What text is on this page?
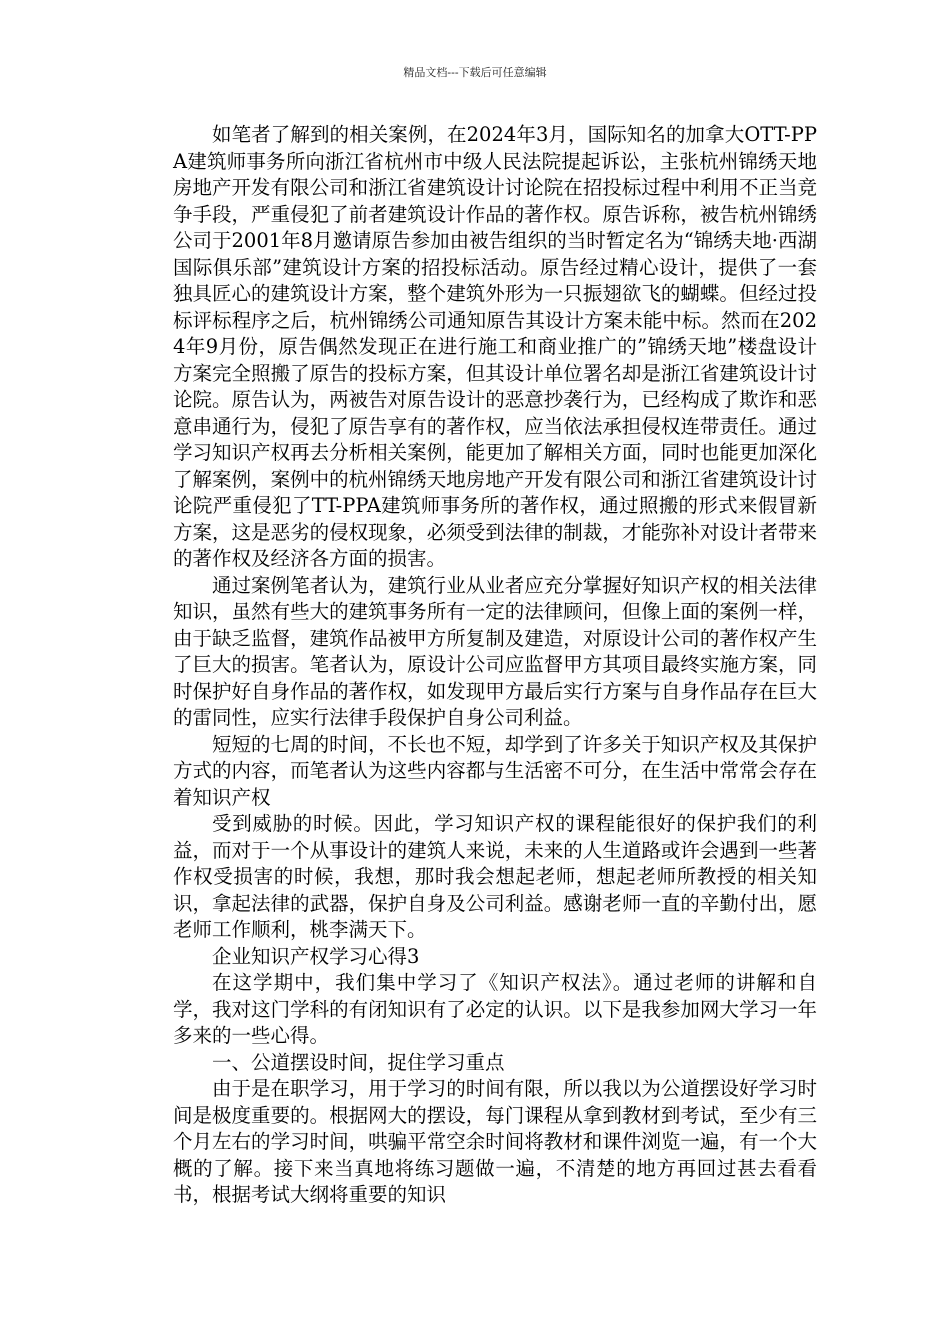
精品文档---下载后可任意编辑

如笔者了解到的相关案例，在2024年3月，国际知名的加拿大OTT-PPA建筑师事务所向浙江省杭州市中级人民法院提起诉讼，主张杭州锦绣天地房地产开发有限公司和浙江省建筑设计讨论院在招投标过程中利用不正当竞争手段，严重侵犯了前者建筑设计作品的著作权。原告诉称，被告杭州锦绣公司于2001年8月邀请原告参加由被告组织的当时暂定名为“锦绣夫地·西湖国际俱乐部”建筑设计方案的招投标活动。原告经过精心设计，提供了一套独具匠心的建筑设计方案，整个建筑外形为一只振翅欲飞的蝴蝶。但经过投标评标程序之后，杭州锦绣公司通知原告其设计方案未能中标。然而在2024年9月份，原告偶然发现正在进行施工和商业推广的”锦绣天地”楼盘设计方案完全照搬了原告的投标方案，但其设计单位署名却是浙江省建筑设计讨论院。原告认为，两被告对原告设计的恶意抄袭行为，已经构成了欺诈和恶意串通行为，侵犯了原告享有的著作权，应当依法承担侵权连带责任。通过学习知识产权再去分析相关案例，能更加了解相关方面，同时也能更加深化了解案例，案例中的杭州锦绣天地房地产开发有限公司和浙江省建筑设计讨论院严重侵犯了TT-PPA建筑师事务所的著作权，通过照搬的形式来假冒新方案，这是恶劣的侵权现象，必须受到法律的制裁，才能弥补对设计者带来的著作权及经济各方面的损害。

通过案例笔者认为，建筑行业从业者应充分掌握好知识产权的相关法律知识，虽然有些大的建筑事务所有一定的法律顾问，但像上面的案例一样，由于缺乏监督，建筑作品被甲方所复制及建造，对原设计公司的著作权产生了巨大的损害。笔者认为，原设计公司应监督甲方其项目最终实施方案，同时保护好自身作品的著作权，如发现甲方最后实行方案与自身作品存在巨大的雷同性，应实行法律手段保护自身公司利益。

短短的七周的时间，不长也不短，却学到了许多关于知识产权及其保护方式的内容，而笔者认为这些内容都与生活密不可分，在生活中常常会存在着知识产权

受到威胁的时候。因此，学习知识产权的课程能很好的保护我们的利益，而对于一个从事设计的建筑人来说，未来的人生道路或许会遇到一些著作权受损害的时候，我想，那时我会想起老师，想起老师所教授的相关知识，拿起法律的武器，保护自身及公司利益。感谢老师一直的辛勤付出，愿老师工作顺利，桃李满天下。

企业知识产权学习心得3

在这学期中，我们集中学习了《知识产权法》。通过老师的讲解和自学，我对这门学科的有闭知识有了必定的认识。以下是我参加网大学习一年多来的一些心得。

一、公道摆设时间，捉住学习重点

由于是在职学习，用于学习的时间有限，所以我以为公道摆设好学习时间是极度重要的。根据网大的摆设，每门课程从拿到教材到考试，至少有三个月左右的学习时间，哄骗平常空余时间将教材和课件浏览一遍，有一个大概的了解。接下来当真地将练习题做一遍，不清楚的地方再回过甚去看看书，根据考试大纲将重要的知识
